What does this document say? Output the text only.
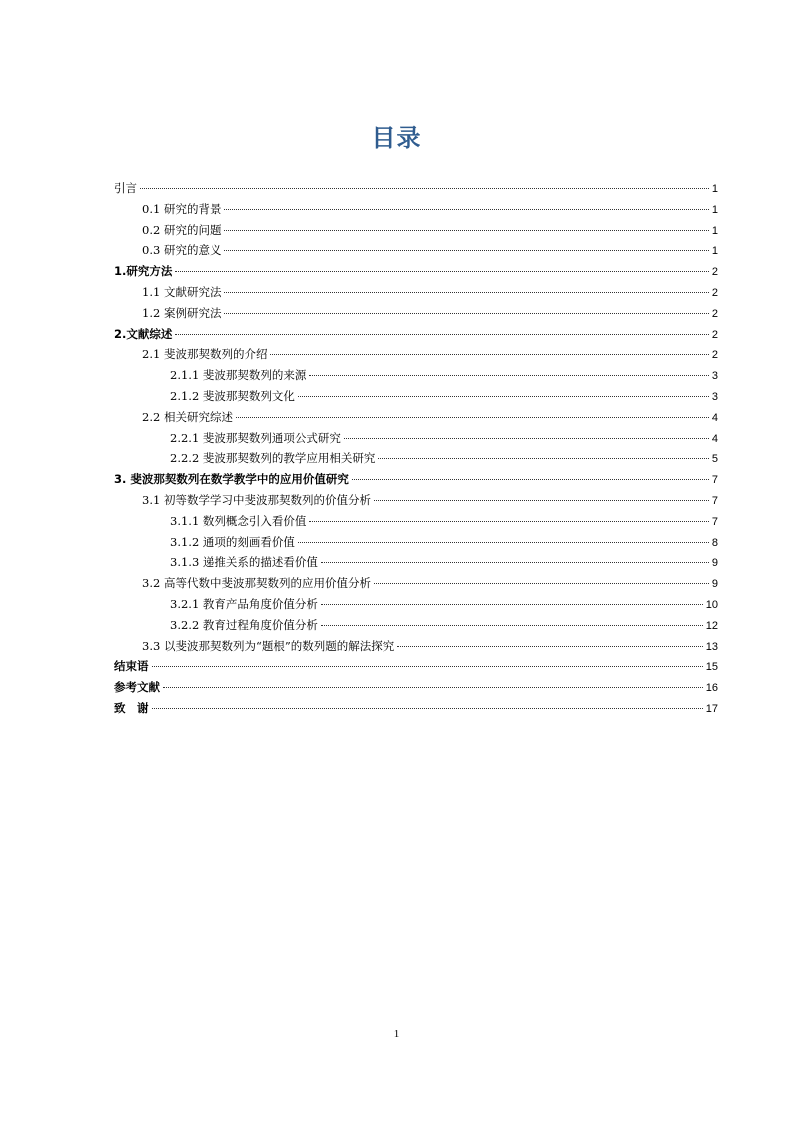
目录
引言	1
0.1 研究的背景	1
0.2 研究的问题	1
0.3 研究的意义	1
1.研究方法	2
1.1 文献研究法	2
1.2 案例研究法	2
2.文献综述	2
2.1 斐波那契数列的介绍	2
2.1.1 斐波那契数列的来源	3
2.1.2 斐波那契数列文化	3
2.2 相关研究综述	4
2.2.1 斐波那契数列通项公式研究	4
2.2.2 斐波那契数列的教学应用相关研究	5
3. 斐波那契数列在数学教学中的应用价值研究	7
3.1 初等数学学习中斐波那契数列的价值分析	7
3.1.1 数列概念引入看价值	7
3.1.2 通项的刻画看价值	8
3.1.3 递推关系的描述看价值	9
3.2 高等代数中斐波那契数列的应用价值分析	9
3.2.1 教育产品角度价值分析	10
3.2.2 教育过程角度价值分析	12
3.3 以斐波那契数列为“题根”的数列题的解法探究	13
结束语	15
参考文献	16
致　谢	17
1
